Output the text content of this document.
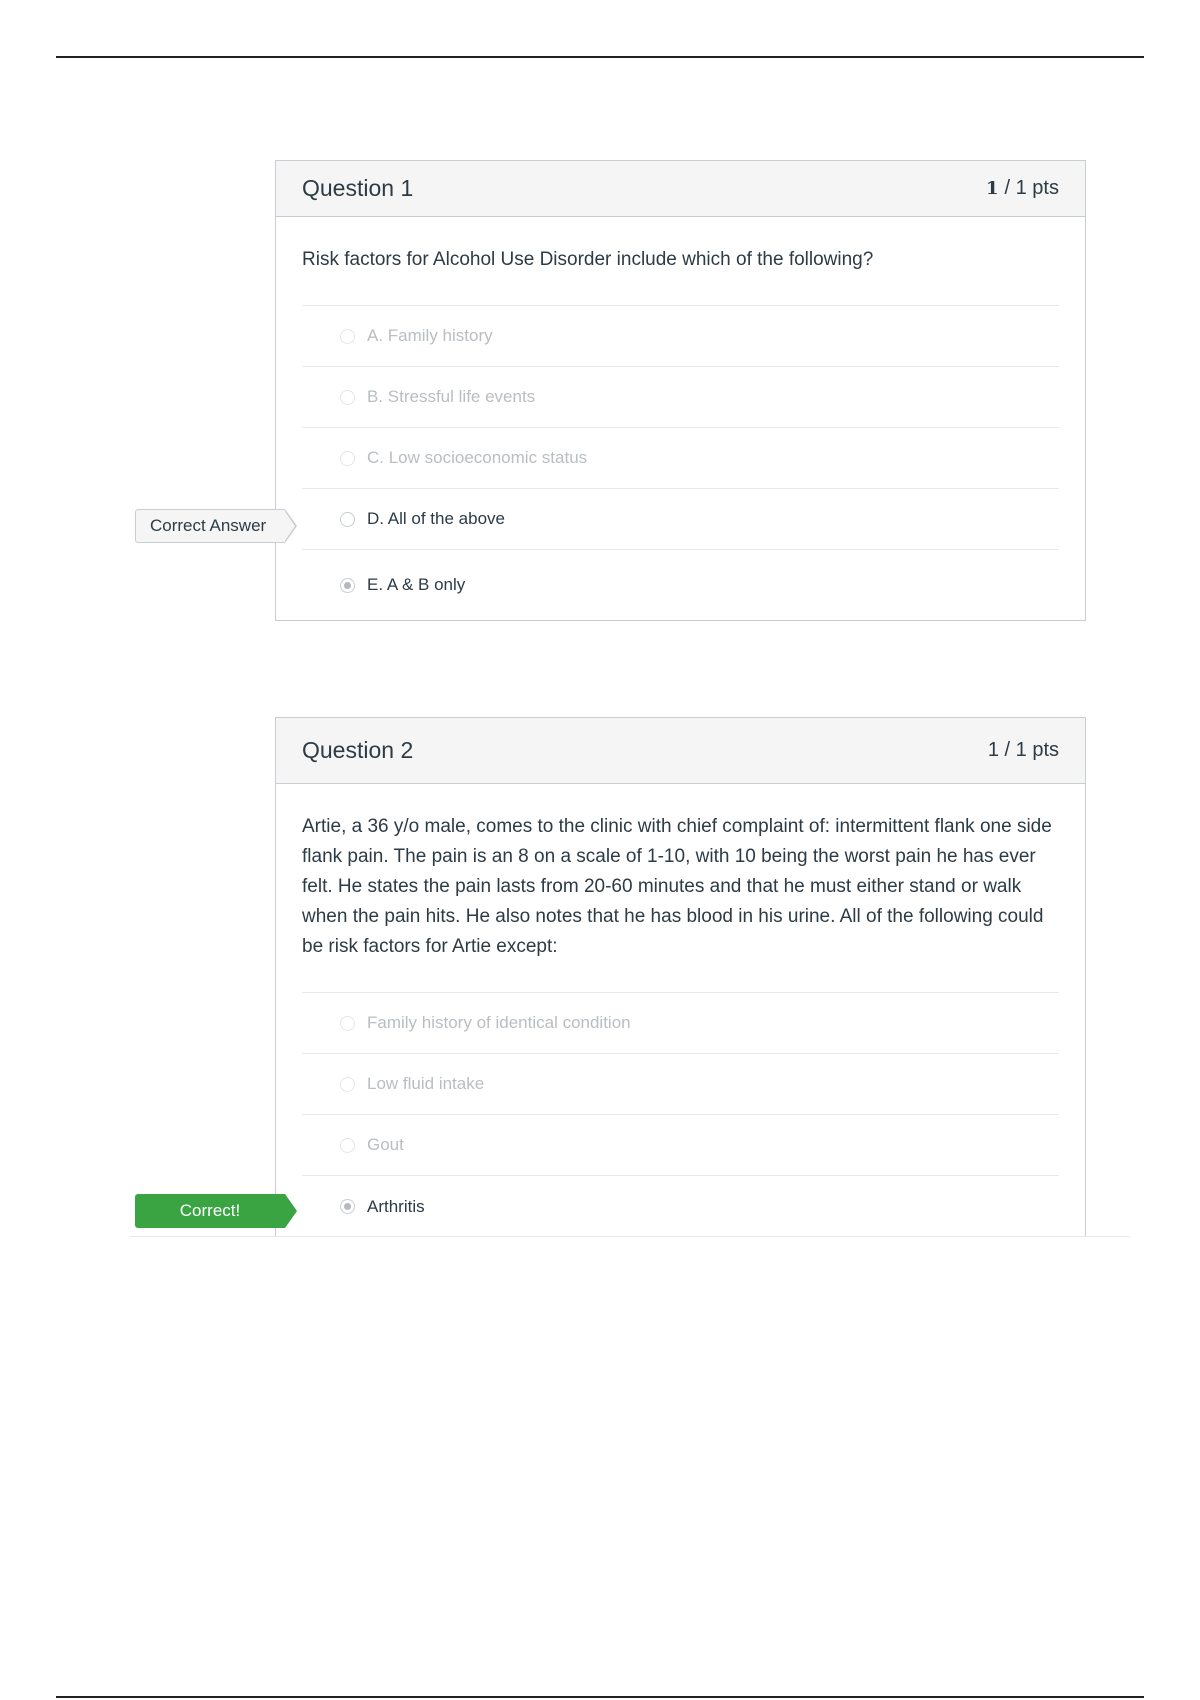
Question 1	1 / 1 pts
Risk factors for Alcohol Use Disorder include which of the following?
A. Family history
B. Stressful life events
C. Low socioeconomic status
D. All of the above
E. A & B only
Correct Answer
Question 2	1 / 1 pts
Artie, a 36 y/o male, comes to the clinic with chief complaint of: intermittent flank one side flank pain. The pain is an 8 on a scale of 1-10, with 10 being the worst pain he has ever felt. He states the pain lasts from 20-60 minutes and that he must either stand or walk when the pain hits. He also notes that he has blood in his urine. All of the following could be risk factors for Artie except:
Family history of identical condition
Low fluid intake
Gout
Arthritis
Correct!
